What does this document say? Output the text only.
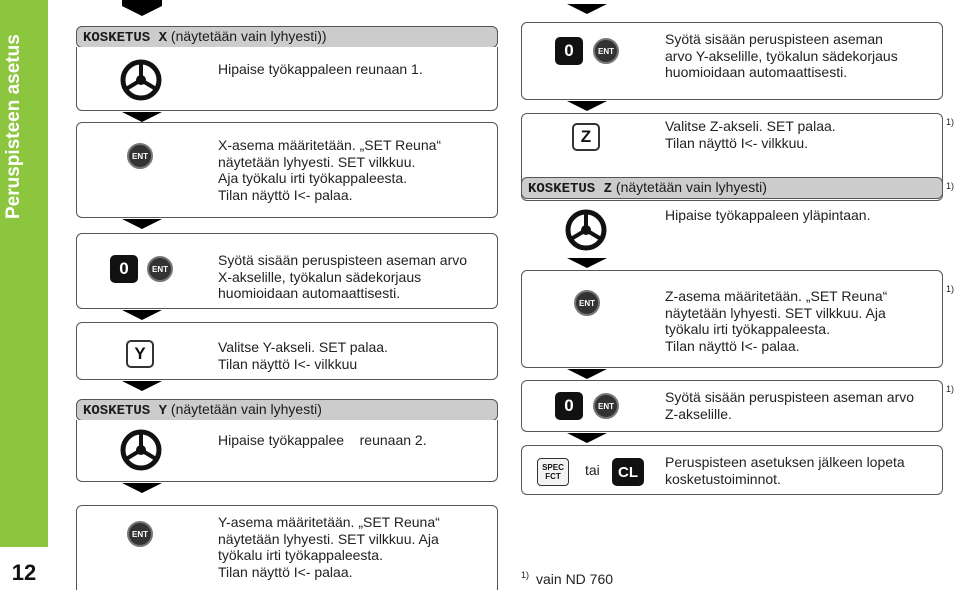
Peruspisteen asetus
12
KOSKETUS X (näytetään vain lyhyesti))
Hipaise työkappaleen reunaan 1.
ENT
X-asema määritetään. „SET Reuna“
näytetään lyhyesti. SET vilkkuu.
Aja työkalu irti työkappaleesta.
Tilan näyttö I<- palaa.
0	ENT
Syötä sisään peruspisteen aseman arvo
X-akselille, työkalun sädekorjaus
huomioidaan automaattisesti.
Y	Valitse Y-akseli. SET palaa.
Tilan näyttö I<- vilkkuu
KOSKETUS Y (näytetään vain lyhyesti)
Hipaise työkappalee    reunaan 2.
ENT
Y-asema määritetään. „SET Reuna“
näytetään lyhyesti. SET vilkkuu. Aja
työkalu irti työkappaleesta.
Tilan näyttö I<- palaa.
0	ENT
Syötä sisään peruspisteen aseman
arvo Y-akselille, työkalun sädekorjaus
huomioidaan automaattisesti.
Z
Valitse Z-akseli. SET palaa.
Tilan näyttö I<- vilkkuu.
1)
KOSKETUS Z (näytetään vain lyhyesti)	1)
Hipaise työkappaleen yläpintaan.
ENT	Z-asema määritetään. „SET Reuna“
näytetään lyhyesti. SET vilkkuu. Aja
työkalu irti työkappaleesta.
Tilan näyttö I<- palaa.
1)
0	ENT
Syötä sisään peruspisteen aseman arvo
Z-akselille.
1)
SPEC
FCT tai	CL
Peruspisteen asetuksen jälkeen lopeta
kosketustoiminnot.
1) vain ND 760
